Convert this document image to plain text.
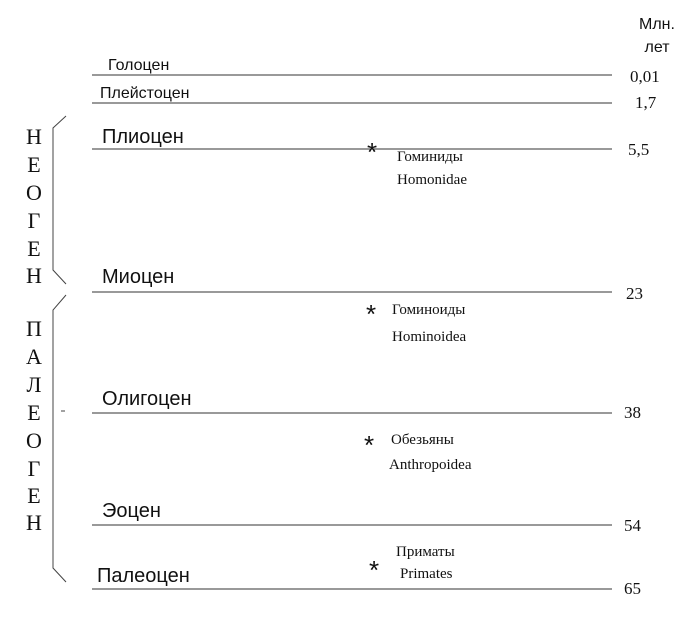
Млн.
лет
Голоцен
Плейстоцен
Плиоцен
Миоцен
Олигоцен
Эоцен
Палеоцен
0,01
1,7
5,5
23
38
54
65
Н
Е
О
Г
Е
Н
П
А
Л
Е
О
Г
Е
Н
* Гоминиды
Homonidae
* Гоминоиды
Hominoidea
* Обезьяны
Anthropoidea
*
Приматы
Primates
